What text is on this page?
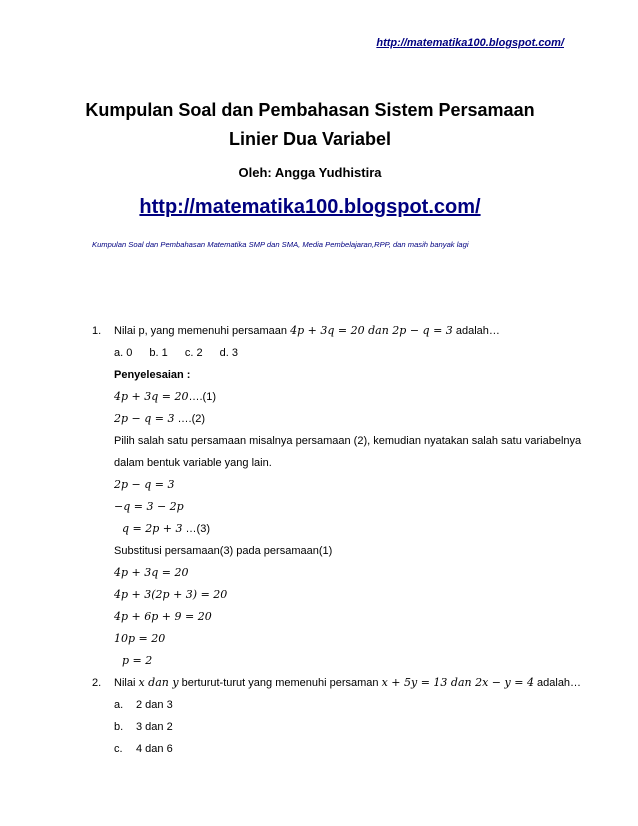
http://matematika100.blogspot.com/
Kumpulan Soal dan Pembahasan Sistem Persamaan
Linier Dua Variabel
Oleh: Angga Yudhistira
http://matematika100.blogspot.com/
Kumpulan Soal dan Pembahasan Matematika SMP dan SMA, Media Pembelajaran,RPP, dan masih banyak lagi
1. Nilai p, yang memenuhi persamaan 4p + 3q = 20 dan 2p − q = 3 adalah…
a. 0 b. 1 c. 2 d. 3
Penyelesaian :
4p + 3q = 20….(1)
2p − q = 3 ….(2)
Pilih salah satu persamaan misalnya persamaan (2), kemudian nyatakan salah satu variabelnya
dalam bentuk variable yang lain.
2p − q = 3
−q = 3 − 2p
q = 2p + 3 …(3)
Substitusi persamaan(3) pada persamaan(1)
4p + 3q = 20
4p + 3(2p + 3) = 20
4p + 6p + 9 = 20
10p = 20
p = 2
2. Nilai x dan y berturut-turut yang memenuhi persaman x + 5y = 13 dan 2x − y = 4 adalah…
a. 2 dan 3
b. 3 dan 2
c. 4 dan 6
